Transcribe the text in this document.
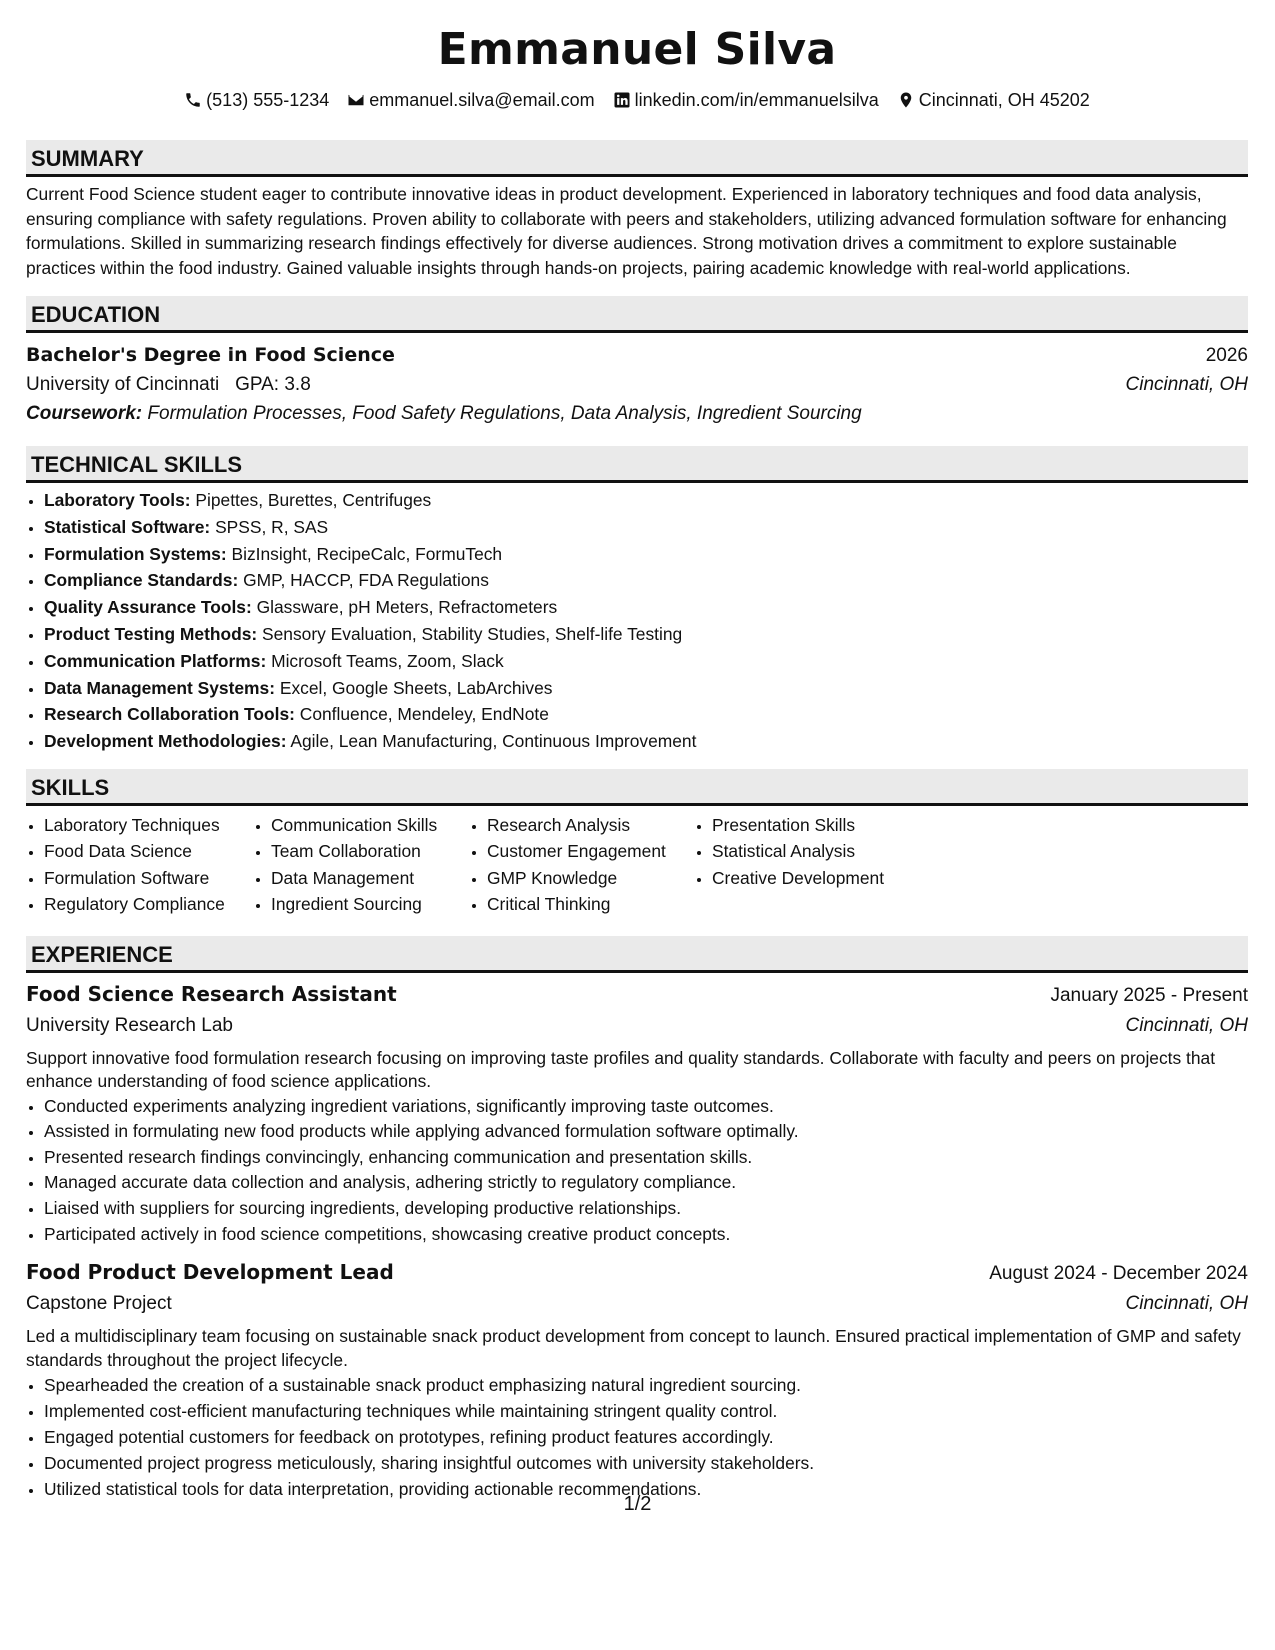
Emmanuel Silva
(513) 555-1234 emmanuel.silva@email.com linkedin.com/in/emmanuelsilva Cincinnati, OH 45202
SUMMARY

Current Food Science student eager to contribute innovative ideas in product development. Experienced in laboratory techniques and food data analysis, ensuring compliance with safety regulations. Proven ability to collaborate with peers and stakeholders, utilizing advanced formulation software for enhancing formulations. Skilled in summarizing research findings effectively for diverse audiences. Strong motivation drives a commitment to explore sustainable practices within the food industry. Gained valuable insights through hands-on projects, pairing academic knowledge with real-world applications.

EDUCATION
Bachelor's Degree in Food Science	2026
University of Cincinnati GPA: 3.8	Cincinnati, OH
Coursework: Formulation Processes, Food Safety Regulations, Data Analysis, Ingredient Sourcing
TECHNICAL SKILLS
• Laboratory Tools: Pipettes, Burettes, Centrifuges
• Statistical Software: SPSS, R, SAS
• Formulation Systems: BizInsight, RecipeCalc, FormuTech
• Compliance Standards: GMP, HACCP, FDA Regulations
• Quality Assurance Tools: Glassware, pH Meters, Refractometers
• Product Testing Methods: Sensory Evaluation, Stability Studies, Shelf-life Testing
• Communication Platforms: Microsoft Teams, Zoom, Slack
• Data Management Systems: Excel, Google Sheets, LabArchives
• Research Collaboration Tools: Confluence, Mendeley, EndNote
• Development Methodologies: Agile, Lean Manufacturing, Continuous Improvement
SKILLS
• Laboratory Techniques
• Food Data Science
• Formulation Software
• Regulatory Compliance
• Communication Skills
• Team Collaboration
• Data Management
• Ingredient Sourcing
• Research Analysis
• Customer Engagement
• GMP Knowledge
• Critical Thinking
• Presentation Skills
• Statistical Analysis
• Creative Development
EXPERIENCE
Food Science Research Assistant	January 2025 - Present
University Research Lab	Cincinnati, OH

Support innovative food formulation research focusing on improving taste profiles and quality standards. Collaborate with faculty and peers on projects that enhance understanding of food science applications.

• Conducted experiments analyzing ingredient variations, significantly improving taste outcomes.
• Assisted in formulating new food products while applying advanced formulation software optimally.
• Presented research findings convincingly, enhancing communication and presentation skills.
• Managed accurate data collection and analysis, adhering strictly to regulatory compliance.
• Liaised with suppliers for sourcing ingredients, developing productive relationships.
• Participated actively in food science competitions, showcasing creative product concepts.
Food Product Development Lead	August 2024 - December 2024
Capstone Project	Cincinnati, OH

Led a multidisciplinary team focusing on sustainable snack product development from concept to launch. Ensured practical implementation of GMP and safety standards throughout the project lifecycle.

• Spearheaded the creation of a sustainable snack product emphasizing natural ingredient sourcing.
• Implemented cost-efficient manufacturing techniques while maintaining stringent quality control.
• Engaged potential customers for feedback on prototypes, refining product features accordingly.
• Documented project progress meticulously, sharing insightful outcomes with university stakeholders.
• Utilized statistical tools for data interpretation, providing actionable recommendations.
1/2
